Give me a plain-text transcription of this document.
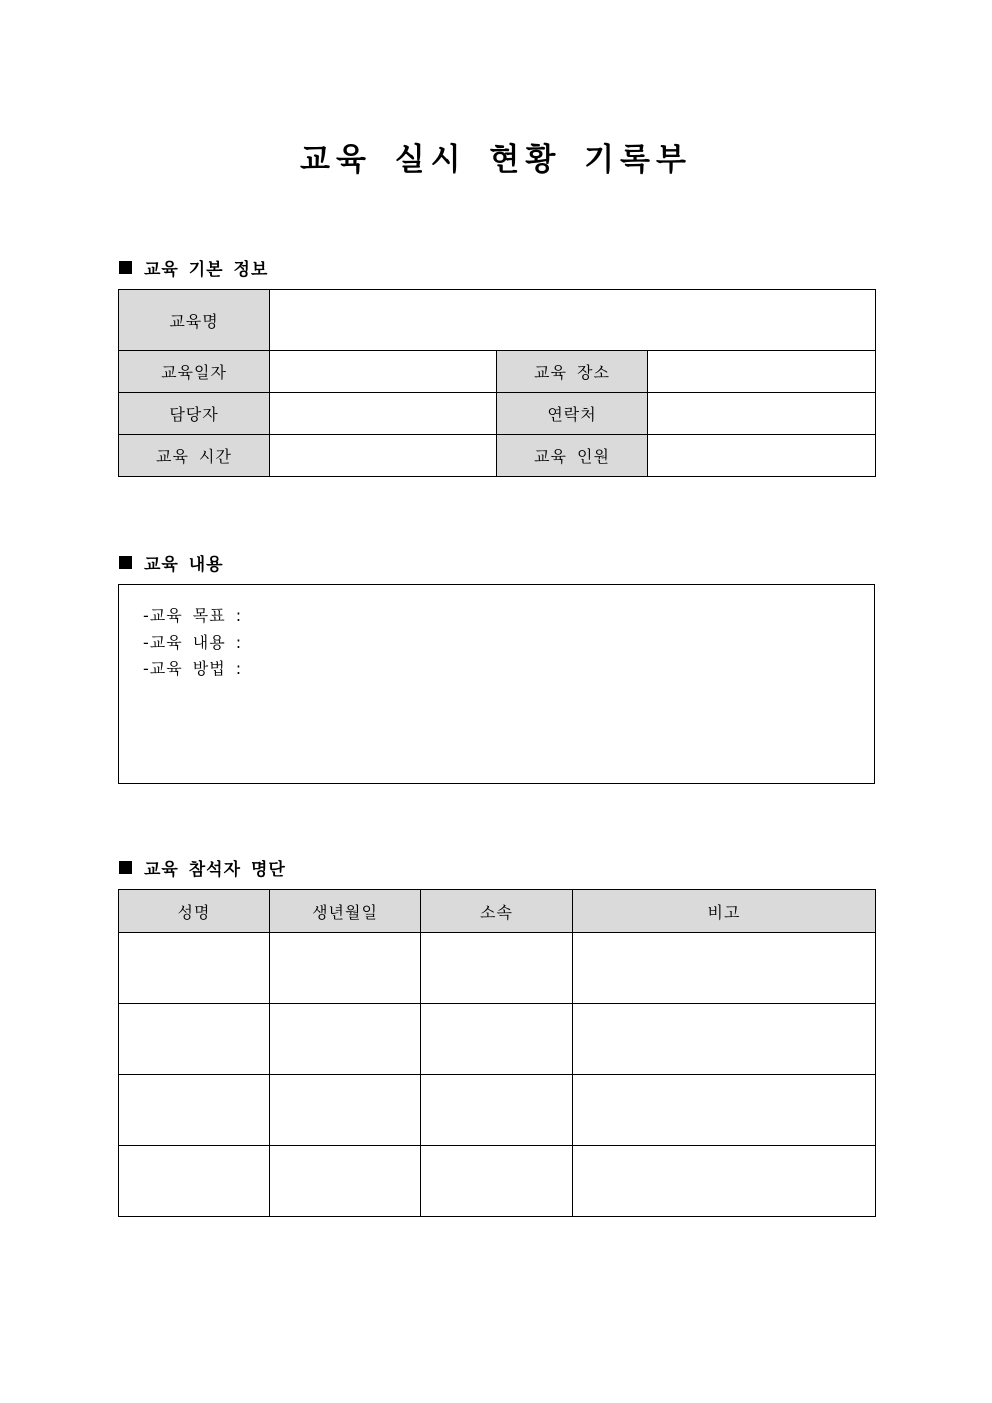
교육 실시 현황 기록부
교육 기본 정보
교육명			
교육일자		교육 장소	
담당자		연락처	
교육 시간		교육 인원	
교육 내용
-교육 목표 :
-교육 내용 :
-교육 방법 :
교육 참석자 명단
성명	생년월일	소속	비고
